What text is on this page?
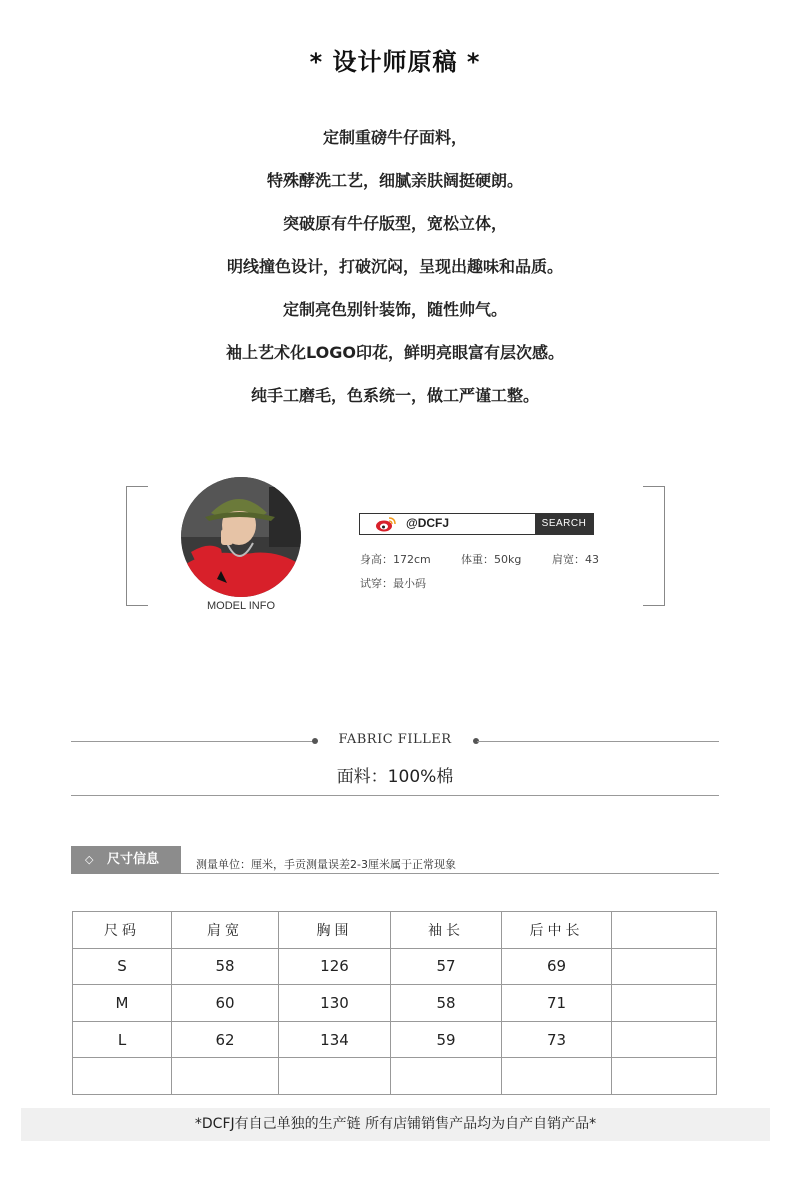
* 设计师原稿 *

定制重磅牛仔面料，

特殊酵洗工艺，细腻亲肤阔挺硬朗。

突破原有牛仔版型，宽松立体，

明线撞色设计，打破沉闷，呈现出趣味和品质。

定制亮色别针装饰，随性帅气。

袖上艺术化LOGO印花，鲜明亮眼富有层次感。

纯手工磨毛，色系统一，做工严谨工整。

MODEL INFO
@DCFJ	SEARCH
身高：172cm	体重：50kg	肩宽：43
试穿：最小码
FABRIC FILLER
面料：100%棉
◇ 尺寸信息	测量单位：厘米，手贡测量误差2-3厘米属于正常现象
尺码	肩宽	胸围	袖长	后中长	
S	58	126	57	69	
M	60	130	58	71	
L	62	134	59	73	

*DCFJ有自己单独的生产链 所有店铺销售产品均为自产自销产品*
